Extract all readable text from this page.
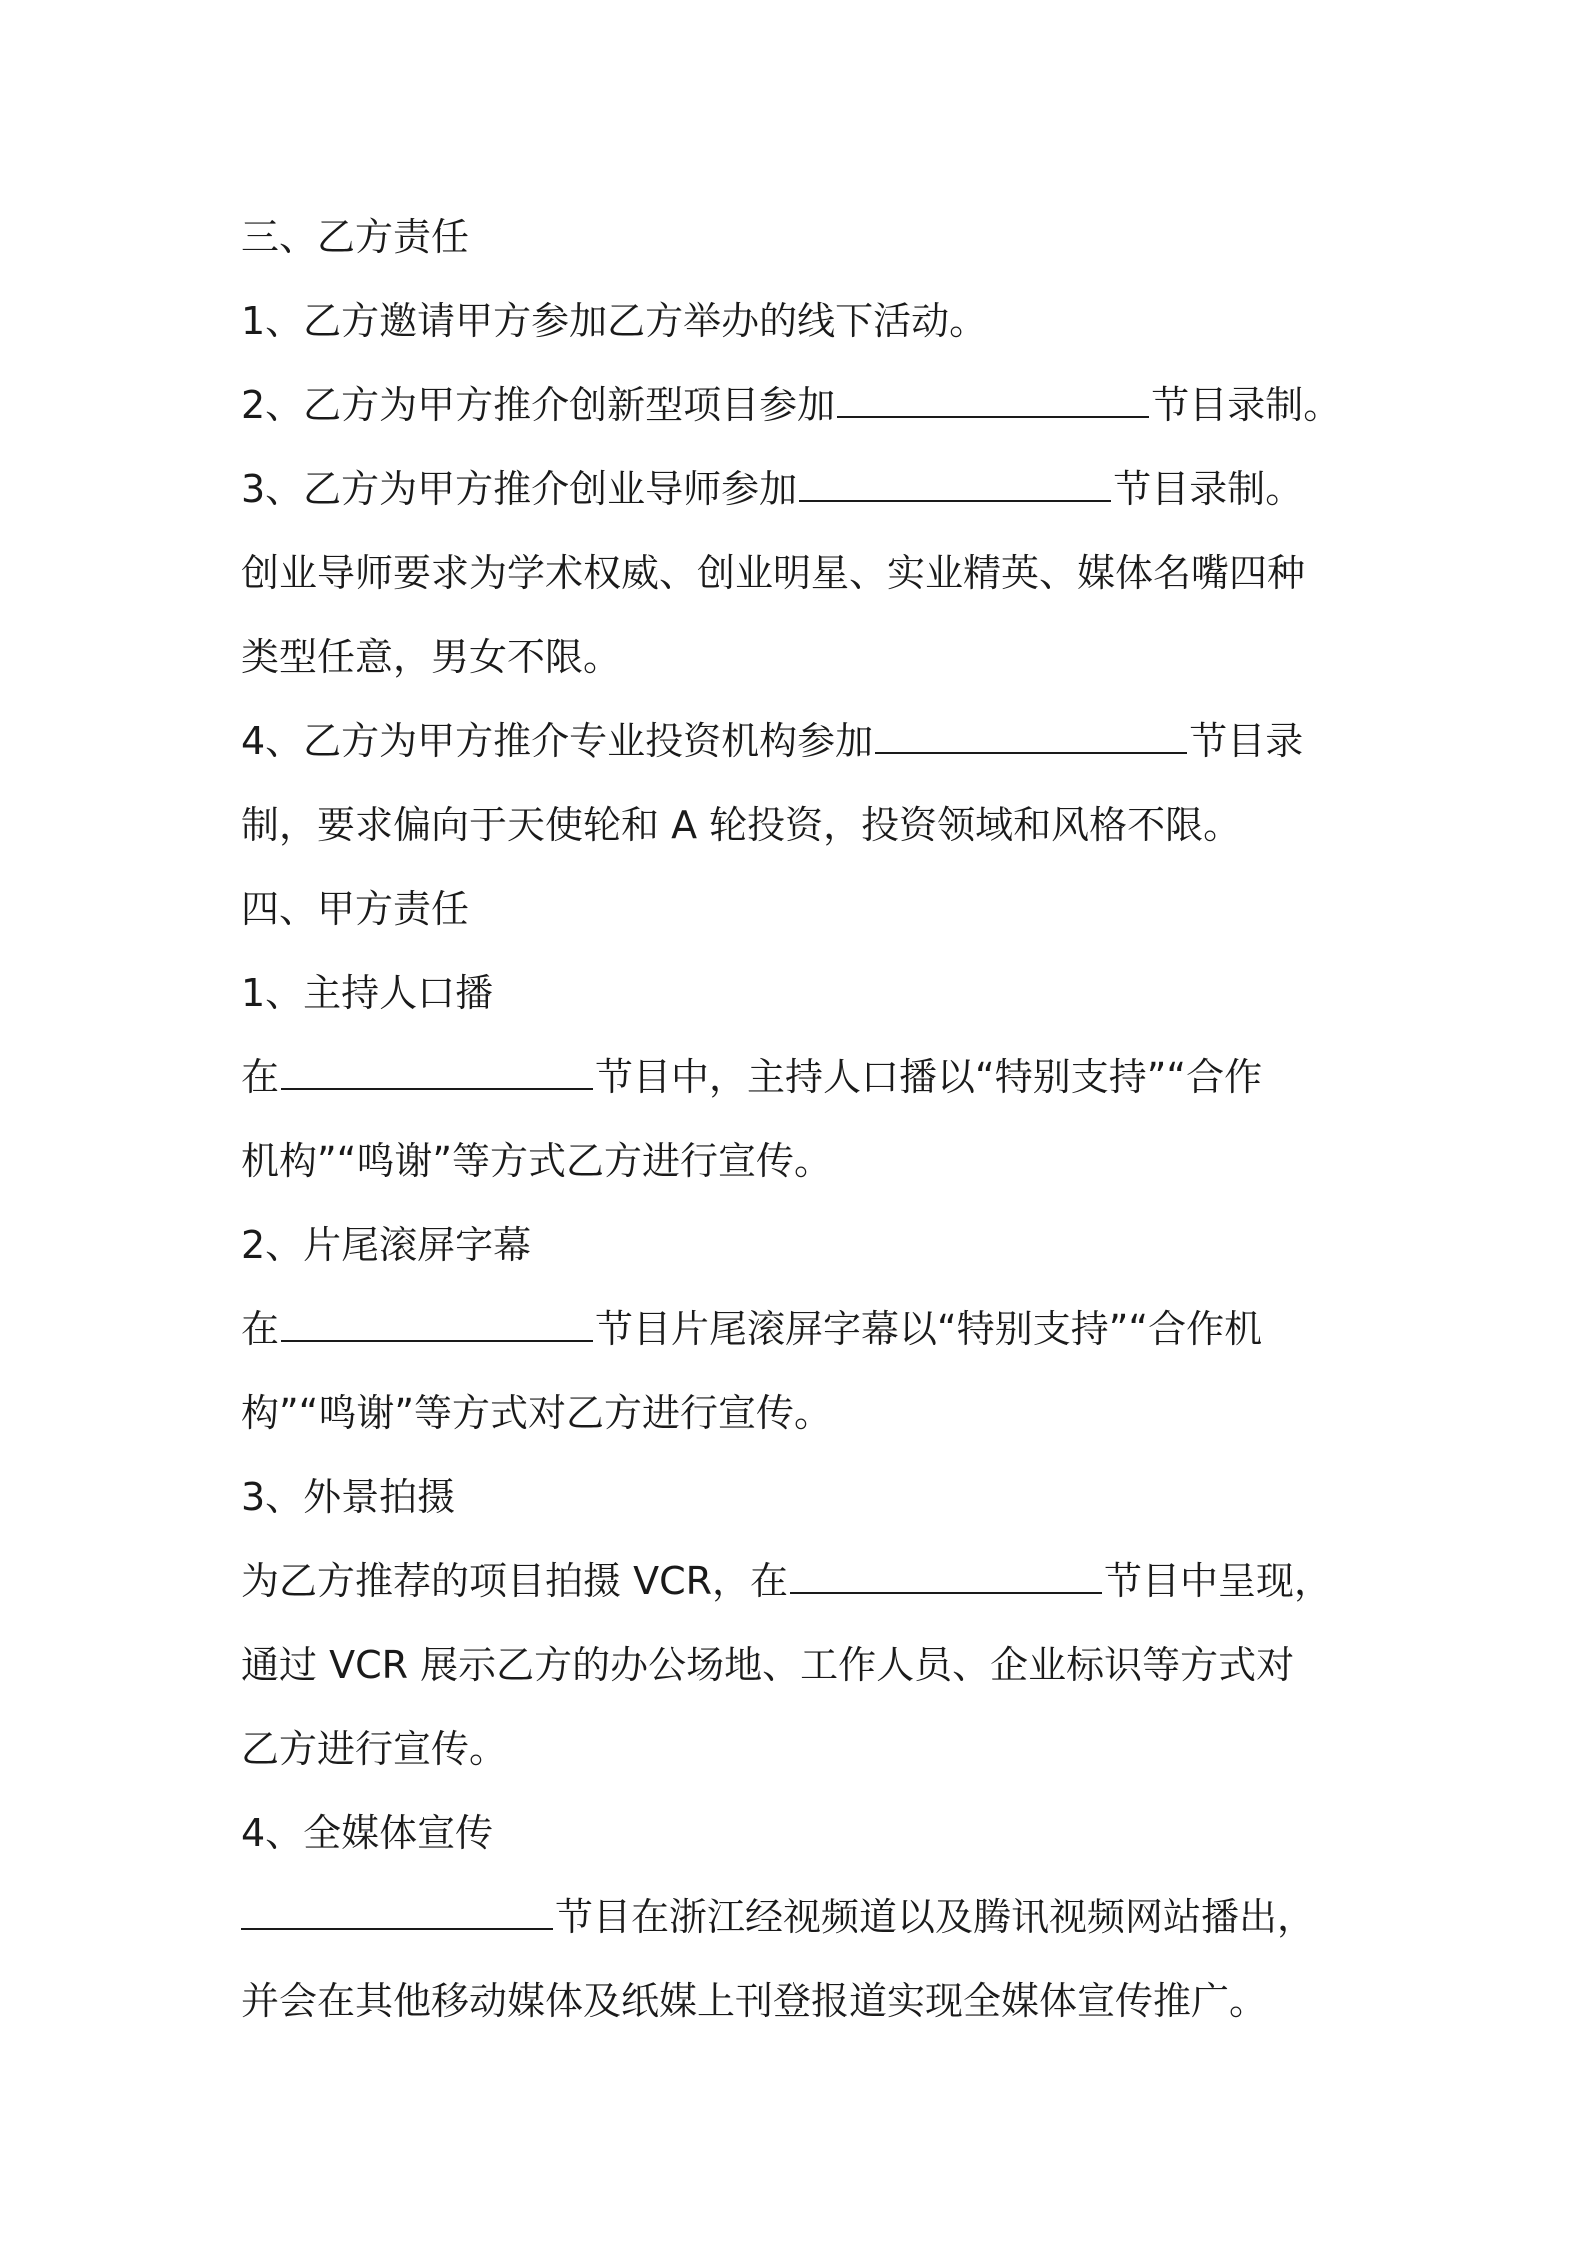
三、乙方责任
1、乙方邀请甲方参加乙方举办的线下活动。
2、乙方为甲方推介创新型项目参加	节目录制。
3、乙方为甲方推介创业导师参加	节目录制。
创业导师要求为学术权威、创业明星、实业精英、媒体名嘴四种
类型任意，男女不限。
4、乙方为甲方推介专业投资机构参加	节目录
制，要求偏向于天使轮和 A 轮投资，投资领域和风格不限。
四、甲方责任
1、主持人口播
在	节目中，主持人口播以“特别支持”“合作
机构”“鸣谢”等方式乙方进行宣传。
2、片尾滚屏字幕
在	节目片尾滚屏字幕以“特别支持”“合作机
构”“鸣谢”等方式对乙方进行宣传。
3、外景拍摄
为乙方推荐的项目拍摄 VCR，在	节目中呈现，
通过 VCR 展示乙方的办公场地、工作人员、企业标识等方式对
乙方进行宣传。
4、全媒体宣传
节目在浙江经视频道以及腾讯视频网站播出，
并会在其他移动媒体及纸媒上刊登报道实现全媒体宣传推广。
